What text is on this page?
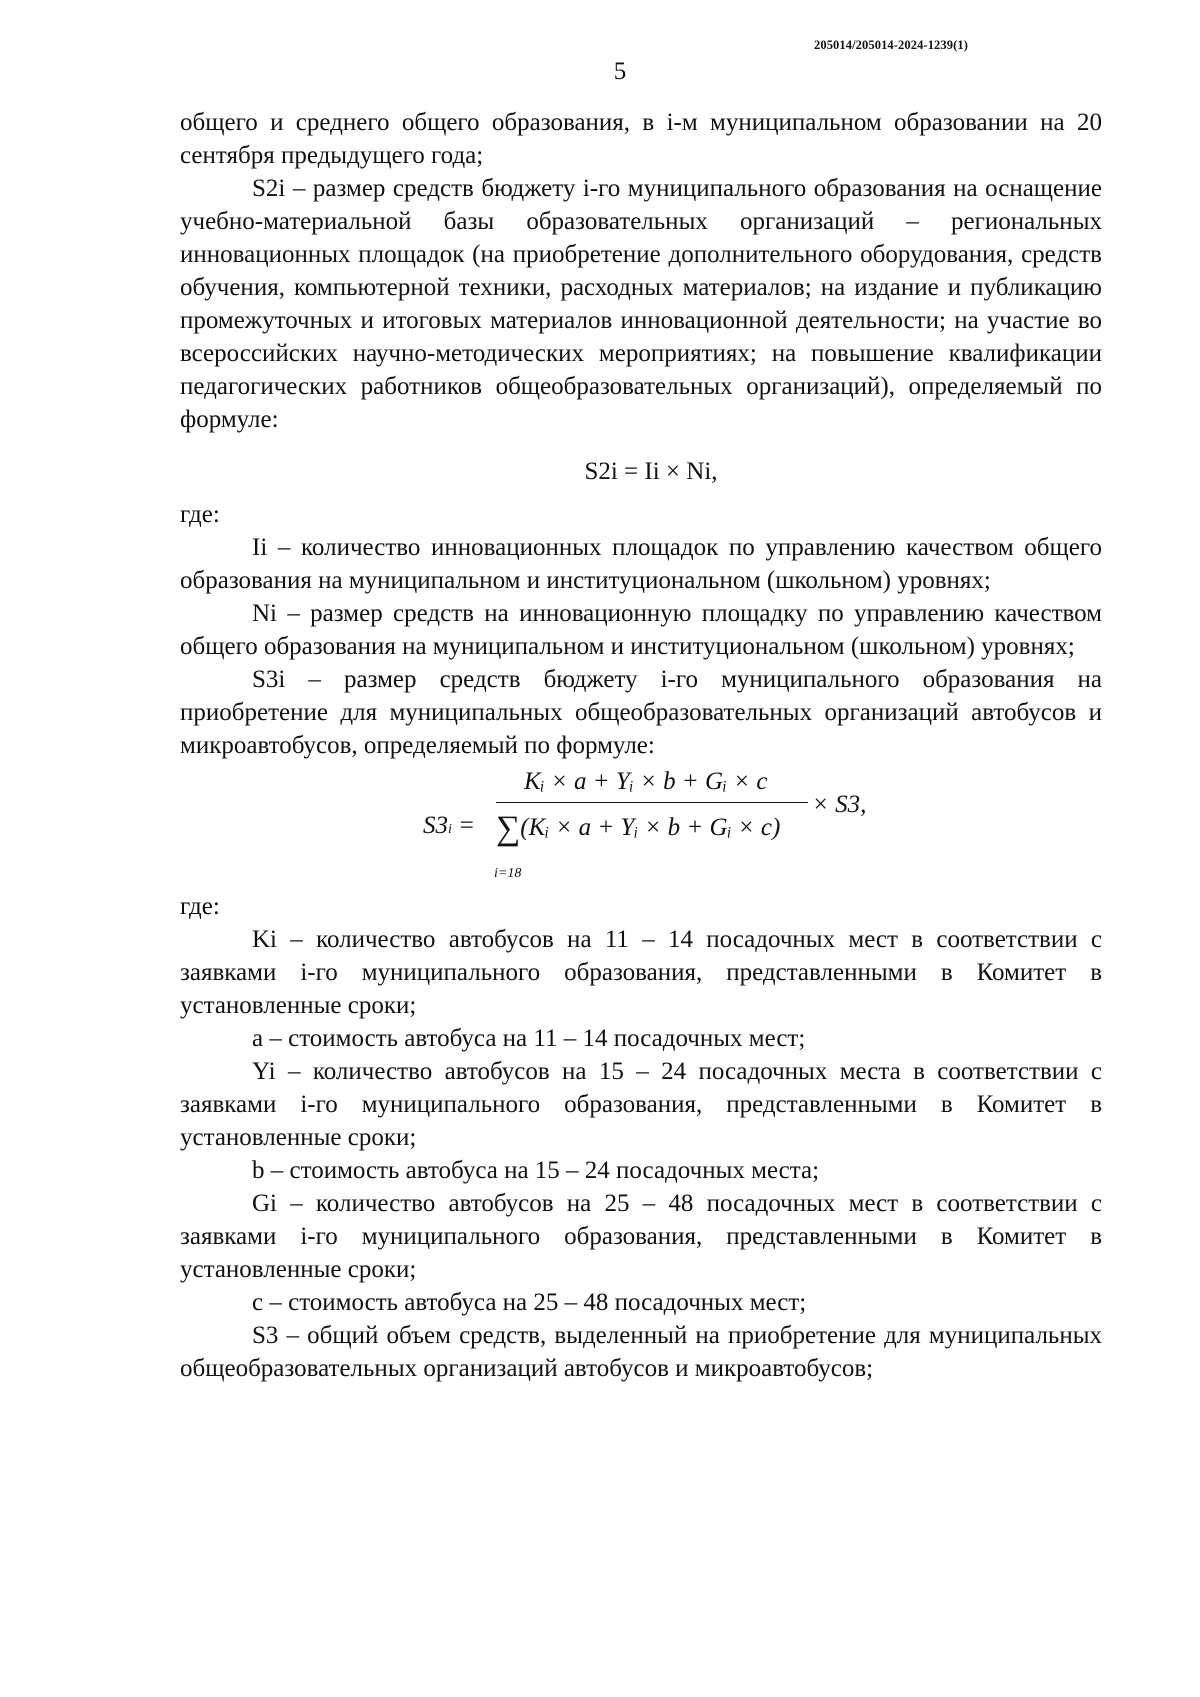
205014/205014-2024-1239(1)
5

общего и среднего общего образования, в i-м муниципальном образовании на 20 сентября предыдущего года;

S2i – размер средств бюджету i-го муниципального образования на оснащение учебно-материальной базы образовательных организаций – региональных инновационных площадок (на приобретение дополнительного оборудования, средств обучения, компьютерной техники, расходных материалов; на издание и публикацию промежуточных и итоговых материалов инновационной деятельности; на участие во всероссийских научно-методических мероприятиях; на повышение квалификации педагогических работников общеобразовательных организаций), определяемый по формуле:

S2i = Ii × Ni,

где:

Ii – количество инновационных площадок по управлению качеством общего образования на муниципальном и институциональном (школьном) уровнях;

Ni – размер средств на инновационную площадку по управлению качеством общего образования на муниципальном и институциональном (школьном) уровнях;

S3i – размер средств бюджету i-го муниципального образования на приобретение для муниципальных общеобразовательных организаций автобусов и микроавтобусов, определяемый по формуле:

S3i =
Kᵢ × a + Yᵢ × b + Gᵢ × c
∑(Kᵢ × a + Yᵢ × b + Gᵢ × c)
i=18
× S3,

где:

Ki – количество автобусов на 11 – 14 посадочных мест в соответствии с заявками i-го муниципального образования, представленными в Комитет в установленные сроки;

a – стоимость автобуса на 11 – 14 посадочных мест;

Yi – количество автобусов на 15 – 24 посадочных места в соответствии с заявками i-го муниципального образования, представленными в Комитет в установленные сроки;

b – стоимость автобуса на 15 – 24 посадочных места;

Gi – количество автобусов на 25 – 48 посадочных мест в соответствии с заявками i-го муниципального образования, представленными в Комитет в установленные сроки;

c – стоимость автобуса на 25 – 48 посадочных мест;

S3 – общий объем средств, выделенный на приобретение для муниципальных общеобразовательных организаций автобусов и микроавтобусов;
